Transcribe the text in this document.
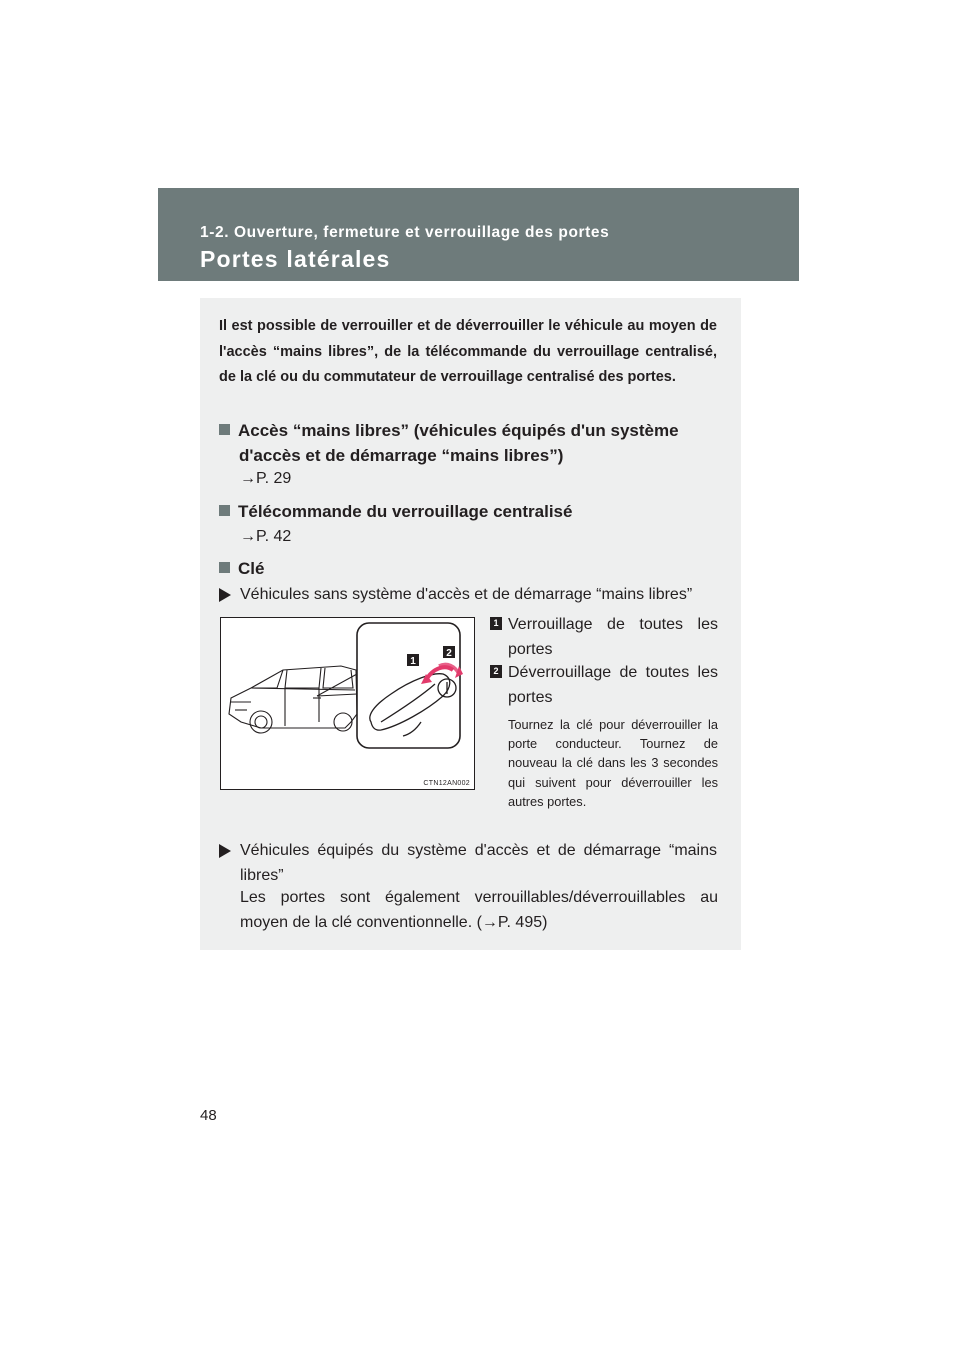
1-2. Ouverture, fermeture et verrouillage des portes
Portes latérales
Il est possible de verrouiller et de déverrouiller le véhicule au moyen de l'accès “mains libres”, de la télécommande du verrouillage centralisé, de la clé ou du commutateur de verrouillage centralisé des portes.
Accès “mains libres” (véhicules équipés d'un système
d'accès et de démarrage “mains libres”)
→P. 29
Télécommande du verrouillage centralisé
→P. 42
Clé
Véhicules sans système d'accès et de démarrage “mains libres”
1
2
CTN12AN002
1 Verrouillage de toutes les portes
2 Déverrouillage de toutes les portes
Tournez la clé pour déverrouiller la porte conducteur. Tournez de nouveau la clé dans les 3 secondes qui suivent pour déverrouiller les autres portes.
Véhicules équipés du système d'accès et de démarrage “mains libres”
Les portes sont également verrouillables/déverrouillables au moyen de la clé conventionnelle. (→P. 495)
48
